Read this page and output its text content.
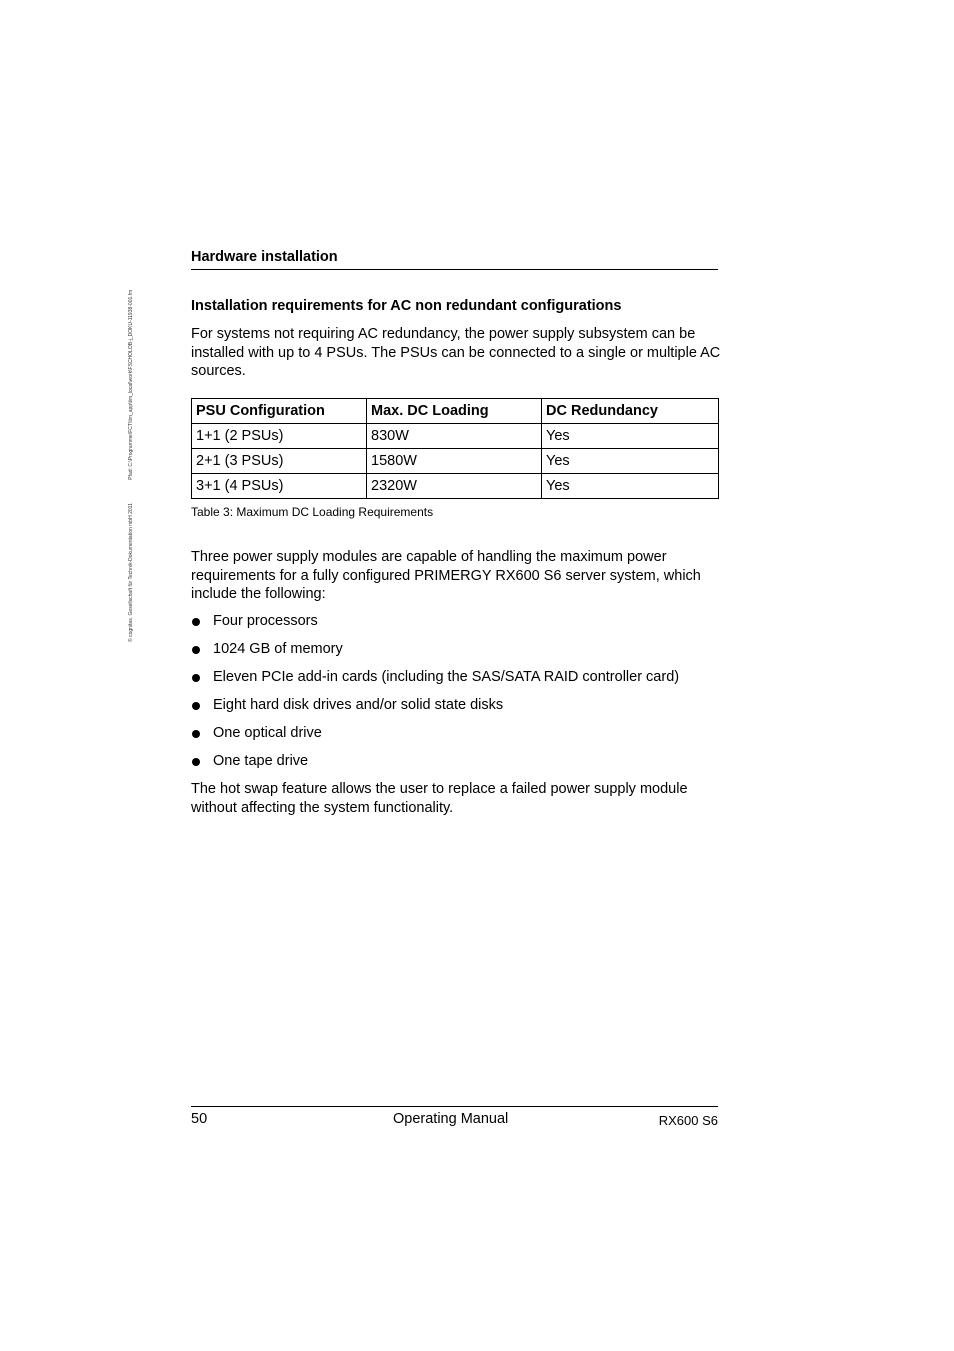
© cognitas. Gesellschaft für Technik-Dokumentation mbH 2011 Pfad: C:\Programme\FCT\tim_app\tim_local\work\FSCHOLOB-j_DOKU-11938-001.fm
Hardware installation
Installation requirements for AC non redundant configurations
For systems not requiring AC redundancy, the power supply subsystem can be installed with up to 4 PSUs. The PSUs can be connected to a single or multiple AC sources.
PSU Configuration	Max. DC Loading	DC Redundancy
1+1 (2 PSUs)	830W	Yes
2+1 (3 PSUs)	1580W	Yes
3+1 (4 PSUs)	2320W	Yes
Table 3: Maximum DC Loading Requirements
Three power supply modules are capable of handling the maximum power requirements for a fully configured PRIMERGY RX600 S6 server system, which include the following:
Four processors
1024 GB of memory
Eleven PCIe add-in cards (including the SAS/SATA RAID controller card)
Eight hard disk drives and/or solid state disks
One optical drive
One tape drive
The hot swap feature allows the user to replace a failed power supply module without affecting the system functionality.
50	Operating Manual	RX600 S6
